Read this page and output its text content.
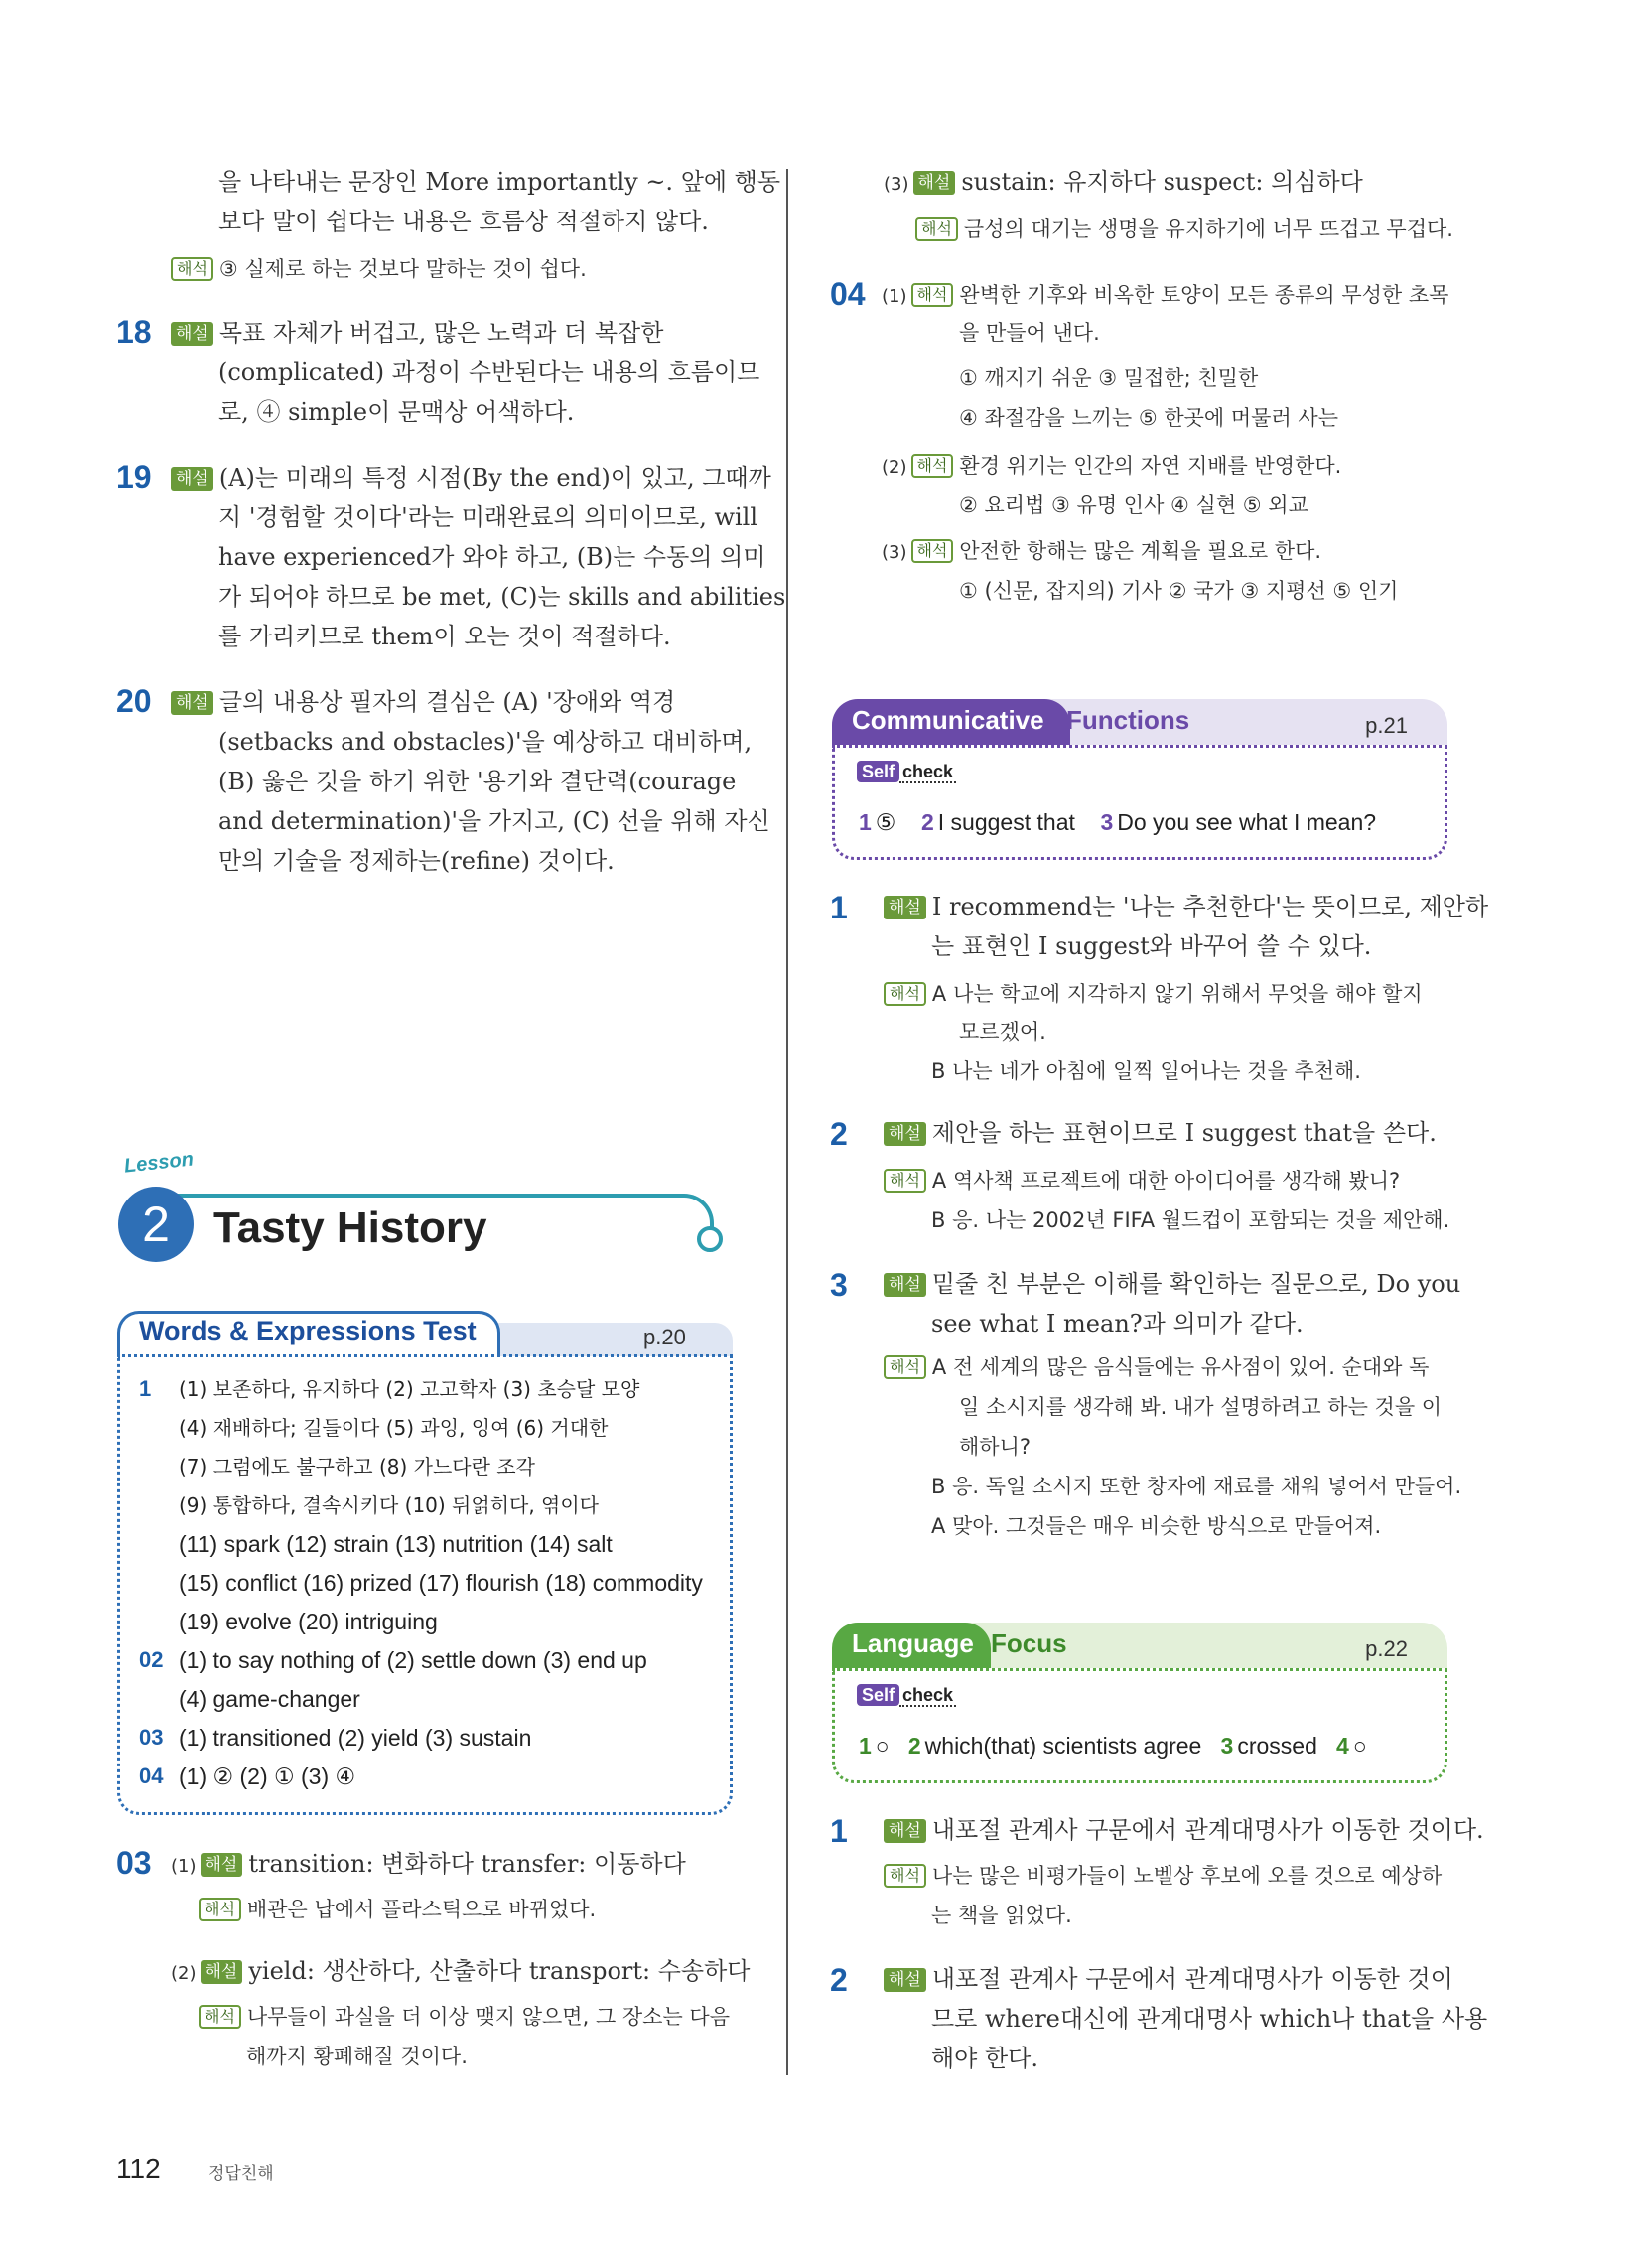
을 나타내는 문장인 More importantly ~. 앞에 행동
보다 말이 쉽다는 내용은 흐름상 적절하지 않다.
해석 ③ 실제로 하는 것보다 말하는 것이 쉽다.
18 해설 목표 자체가 버겁고, 많은 노력과 더 복잡한
(complicated) 과정이 수반된다는 내용의 흐름이므
로, ④ simple이 문맥상 어색하다.
19 해설 (A)는 미래의 특정 시점(By the end)이 있고, 그때까
지 '경험할 것이다'라는 미래완료의 의미이므로, will
have experienced가 와야 하고, (B)는 수동의 의미
가 되어야 하므로 be met, (C)는 skills and abilities
를 가리키므로 them이 오는 것이 적절하다.
20 해설 글의 내용상 필자의 결심은 (A) '장애와 역경
(setbacks and obstacles)'을 예상하고 대비하며,
(B) 옳은 것을 하기 위한 '용기와 결단력(courage
and determination)'을 가지고, (C) 선을 위해 자신
만의 기술을 정제하는(refine) 것이다.
Lesson
2	Tasty History
Words & Expressions Test	p.20
1 (1) 보존하다, 유지하다 (2) 고고학자 (3) 초승달 모양
(4) 재배하다; 길들이다 (5) 과잉, 잉여 (6) 거대한
(7) 그럼에도 불구하고 (8) 가느다란 조각
(9) 통합하다, 결속시키다 (10) 뒤얽히다, 엮이다
(11) spark (12) strain (13) nutrition (14) salt
(15) conflict (16) prized (17) flourish (18) commodity
(19) evolve (20) intriguing
02 (1) to say nothing of (2) settle down (3) end up
(4) game-changer
03 (1) transitioned (2) yield (3) sustain
04 (1) ② (2) ① (3) ④
03 (1) 해설 transition: 변화하다 transfer: 이동하다
해석 배관은 납에서 플라스틱으로 바뀌었다.
(2) 해설 yield: 생산하다, 산출하다 transport: 수송하다
해석 나무들이 과실을 더 이상 맺지 않으면, 그 장소는 다음
해까지 황폐해질 것이다.
(3) 해설 sustain: 유지하다 suspect: 의심하다
해석 금성의 대기는 생명을 유지하기에 너무 뜨겁고 무겁다.
04 (1) 해석 완벽한 기후와 비옥한 토양이 모든 종류의 무성한 초목
을 만들어 낸다.
① 깨지기 쉬운 ③ 밀접한; 친밀한
④ 좌절감을 느끼는 ⑤ 한곳에 머물러 사는
(2) 해석 환경 위기는 인간의 자연 지배를 반영한다.
② 요리법 ③ 유명 인사 ④ 실현 ⑤ 외교
(3) 해석 안전한 항해는 많은 계획을 필요로 한다.
① (신문, 잡지의) 기사 ② 국가 ③ 지평선 ⑤ 인기
Communicative Functions	p.21
Self check
1 ⑤ 2 I suggest that 3 Do you see what I mean?
1 해설 I recommend는 '나는 추천한다'는 뜻이므로, 제안하
는 표현인 I suggest와 바꾸어 쓸 수 있다.
해석 A 나는 학교에 지각하지 않기 위해서 무엇을 해야 할지
모르겠어.
B 나는 네가 아침에 일찍 일어나는 것을 추천해.
2 해설 제안을 하는 표현이므로 I suggest that을 쓴다.
해석 A 역사책 프로젝트에 대한 아이디어를 생각해 봤니?
B 응. 나는 2002년 FIFA 월드컵이 포함되는 것을 제안해.
3 해설 밑줄 친 부분은 이해를 확인하는 질문으로, Do you
see what I mean?과 의미가 같다.
해석 A 전 세계의 많은 음식들에는 유사점이 있어. 순대와 독
일 소시지를 생각해 봐. 내가 설명하려고 하는 것을 이
해하니?
B 응. 독일 소시지 또한 창자에 재료를 채워 넣어서 만들어.
A 맞아. 그것들은 매우 비슷한 방식으로 만들어져.
Language Focus	p.22
Self check
1 ○ 2 which(that) scientists agree 3 crossed 4 ○
1 해설 내포절 관계사 구문에서 관계대명사가 이동한 것이다.
해석 나는 많은 비평가들이 노벨상 후보에 오를 것으로 예상하
는 책을 읽었다.
2 해설 내포절 관계사 구문에서 관계대명사가 이동한 것이
므로 where대신에 관계대명사 which나 that을 사용
해야 한다.
112	정답친해
